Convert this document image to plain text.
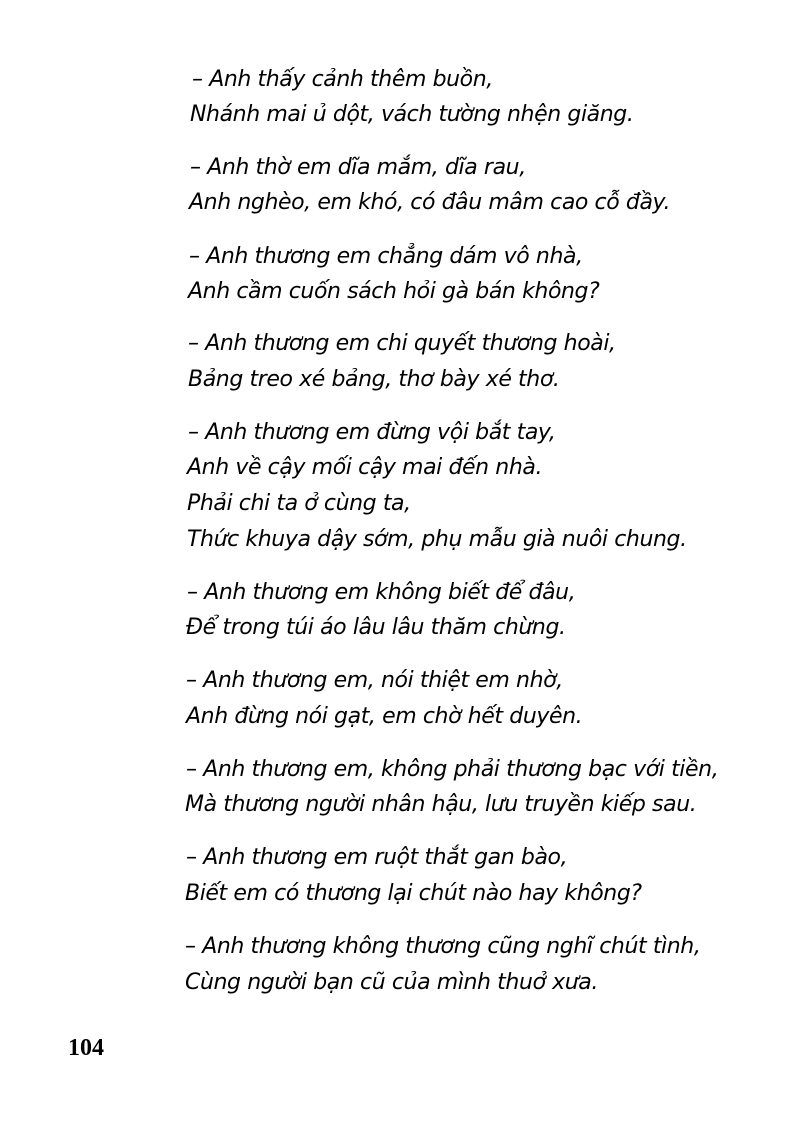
– Anh thấy cảnh thêm buồn,
Nhánh mai ủ dột, vách tường nhện giăng.
– Anh thờ em dĩa mắm, dĩa rau,
Anh nghèo, em khó, có đâu mâm cao cỗ đầy.
– Anh thương em chẳng dám vô nhà,
Anh cầm cuốn sách hỏi gà bán không?
– Anh thương em chi quyết thương hoài,
Bảng treo xé bảng, thơ bày xé thơ.
– Anh thương em đừng vội bắt tay,
Anh về cậy mối cậy mai đến nhà.
Phải chi ta ở cùng ta,
Thức khuya dậy sớm, phụ mẫu già nuôi chung.
– Anh thương em không biết để đâu,
Để trong túi áo lâu lâu thăm chừng.
– Anh thương em, nói thiệt em nhờ,
Anh đừng nói gạt, em chờ hết duyên.
– Anh thương em, không phải thương bạc với tiền,
Mà thương người nhân hậu, lưu truyền kiếp sau.
– Anh thương em ruột thắt gan bào,
Biết em có thương lại chút nào hay không?
– Anh thương không thương cũng nghĩ chút tình,
Cùng người bạn cũ của mình thuở xưa.
104
